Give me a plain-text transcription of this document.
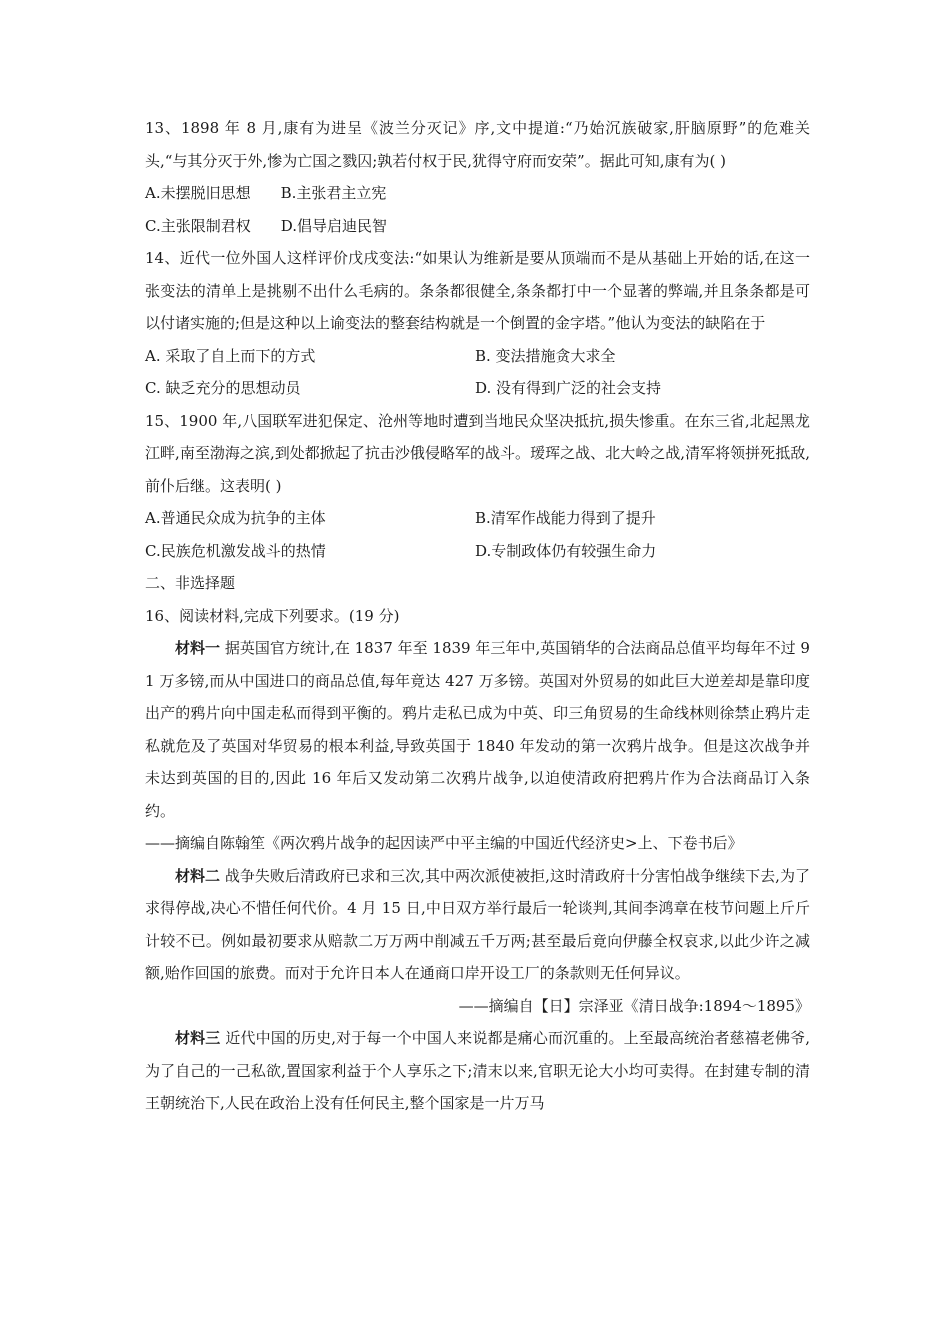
13、1898 年 8 月,康有为进呈《波兰分灭记》序,文中提道:“乃始沉族破家,肝脑原野”的危难关头,“与其分灭于外,惨为亡国之戮囚;孰若付权于民,犹得守府而安荣”。据此可知,康有为( )
A.未摆脱旧思想 B.主张君主立宪
C.主张限制君权 D.倡导启迪民智
14、近代一位外国人这样评价戊戌变法:“如果认为维新是要从顶端而不是从基础上开始的话,在这一张变法的清单上是挑剔不出什么毛病的。条条都很健全,条条都打中一个显著的弊端,并且条条都是可以付诸实施的;但是这种以上谕变法的整套结构就是一个倒置的金字塔。”他认为变法的缺陷在于
A. 采取了自上而下的方式	B. 变法措施贪大求全
C. 缺乏充分的思想动员	D. 没有得到广泛的社会支持
15、1900 年,八国联军进犯保定、沧州等地时遭到当地民众坚决抵抗,损失惨重。在东三省,北起黑龙江畔,南至渤海之滨,到处都掀起了抗击沙俄侵略军的战斗。瑷珲之战、北大岭之战,清军将领拼死抵敌,前仆后继。这表明( )
A.普通民众成为抗争的主体	B.清军作战能力得到了提升
C.民族危机激发战斗的热情	D.专制政体仍有较强生命力
二、非选择题
16、阅读材料,完成下列要求。(19 分)
材料一 据英国官方统计,在 1837 年至 1839 年三年中,英国销华的合法商品总值平均每年不过 91 万多镑,而从中国进口的商品总值,每年竟达 427 万多镑。英国对外贸易的如此巨大逆差却是靠印度出产的鸦片向中国走私而得到平衡的。鸦片走私已成为中英、印三角贸易的生命线林则徐禁止鸦片走私就危及了英国对华贸易的根本利益,导致英国于 1840 年发动的第一次鸦片战争。但是这次战争并未达到英国的目的,因此 16 年后又发动第二次鸦片战争,以迫使清政府把鸦片作为合法商品订入条约。
——摘编自陈翰笙《两次鸦片战争的起因读严中平主编的中国近代经济史>上、下卷书后》
材料二 战争失败后清政府已求和三次,其中两次派使被拒,这时清政府十分害怕战争继续下去,为了求得停战,决心不惜任何代价。4 月 15 日,中日双方举行最后一轮谈判,其间李鸿章在枝节问题上斤斤计较不已。例如最初要求从赔款二万万两中削减五千万两;甚至最后竟向伊藤全权哀求,以此少许之减额,贻作回国的旅费。而对于允许日本人在通商口岸开设工厂的条款则无任何异议。
——摘编自【日】宗泽亚《清日战争:1894～1895》
材料三 近代中国的历史,对于每一个中国人来说都是痛心而沉重的。上至最高统治者慈禧老佛爷,为了自己的一己私欲,置国家利益于个人享乐之下;清末以来,官职无论大小均可卖得。在封建专制的清王朝统治下,人民在政治上没有任何民主,整个国家是一片万马
